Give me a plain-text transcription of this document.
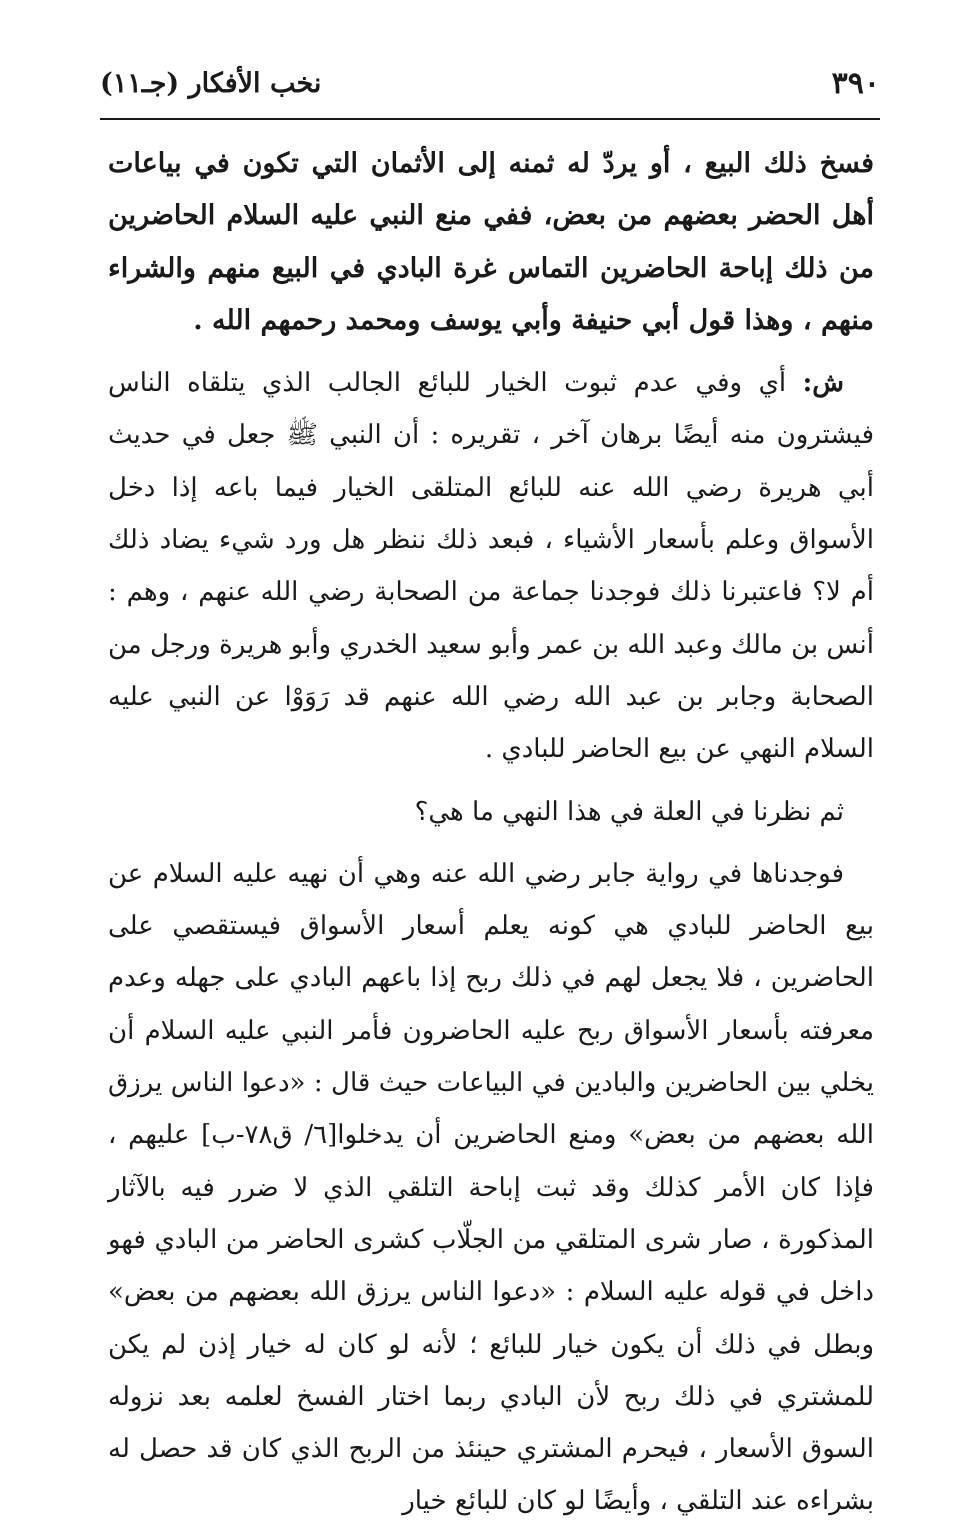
٣٩٠
نخب الأفكار (جـ١١)

فسخ ذلك البيع ، أو يردّ له ثمنه إلى الأثمان التي تكون في بياعات أهل الحضر بعضهم من بعض، ففي منع النبي عليه السلام الحاضرين من ذلك إباحة الحاضرين التماس غرة البادي في البيع منهم والشراء منهم ، وهذا قول أبي حنيفة وأبي يوسف ومحمد رحمهم الله .

ش: أي وفي عدم ثبوت الخيار للبائع الجالب الذي يتلقاه الناس فيشترون منه أيضًا برهان آخر ، تقريره : أن النبي ﷺ جعل في حديث أبي هريرة رضي الله عنه للبائع المتلقى الخيار فيما باعه إذا دخل الأسواق وعلم بأسعار الأشياء ، فبعد ذلك ننظر هل ورد شيء يضاد ذلك أم لا؟ فاعتبرنا ذلك فوجدنا جماعة من الصحابة رضي الله عنهم ، وهم : أنس بن مالك وعبد الله بن عمر وأبو سعيد الخدري وأبو هريرة ورجل من الصحابة وجابر بن عبد الله رضي الله عنهم قد رَوَوْا عن النبي عليه السلام النهي عن بيع الحاضر للبادي .

ثم نظرنا في العلة في هذا النهي ما هي؟

فوجدناها في رواية جابر رضي الله عنه وهي أن نهيه عليه السلام عن بيع الحاضر للبادي هي كونه يعلم أسعار الأسواق فيستقصي على الحاضرين ، فلا يجعل لهم في ذلك ربح إذا باعهم البادي على جهله وعدم معرفته بأسعار الأسواق ربح عليه الحاضرون فأمر النبي عليه السلام أن يخلي بين الحاضرين والبادين في البياعات حيث قال : «دعوا الناس يرزق الله بعضهم من بعض» ومنع الحاضرين أن يدخلوا[٦/ ق٧٨-ب] عليهم ، فإذا كان الأمر كذلك وقد ثبت إباحة التلقي الذي لا ضرر فيه بالآثار المذكورة ، صار شرى المتلقي من الجلّاب كشرى الحاضر من البادي فهو داخل في قوله عليه السلام : «دعوا الناس يرزق الله بعضهم من بعض» وبطل في ذلك أن يكون خيار للبائع ؛ لأنه لو كان له خيار إذن لم يكن للمشتري في ذلك ربح لأن البادي ربما اختار الفسخ لعلمه بعد نزوله السوق الأسعار ، فيحرم المشتري حينئذ من الربح الذي كان قد حصل له بشراءه عند التلقي ، وأيضًا لو كان للبائع خيار
